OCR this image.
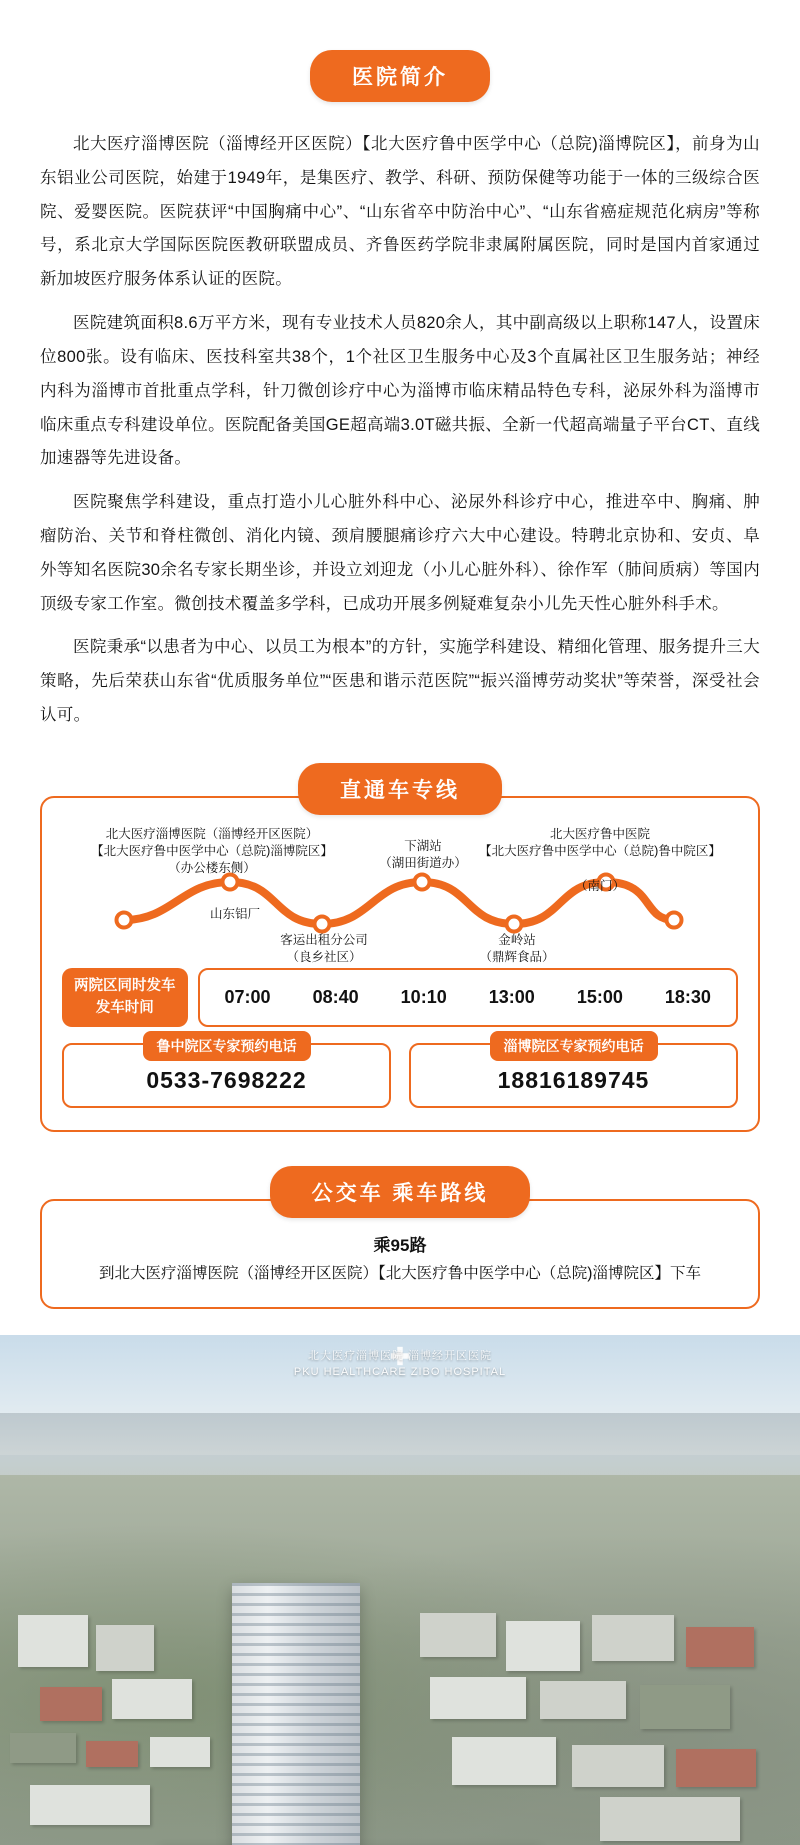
医院简介

北大医疗淄博医院（淄博经开区医院）【北大医疗鲁中医学中心（总院)淄博院区】，前身为山东铝业公司医院，始建于1949年，是集医疗、教学、科研、预防保健等功能于一体的三级综合医院、爱婴医院。医院获评“中国胸痛中心”、“山东省卒中防治中心”、“山东省癌症规范化病房”等称号，系北京大学国际医院医教研联盟成员、齐鲁医药学院非隶属附属医院，同时是国内首家通过新加坡医疗服务体系认证的医院。

医院建筑面积8.6万平方米，现有专业技术人员820余人，其中副高级以上职称147人，设置床位800张。设有临床、医技科室共38个，1个社区卫生服务中心及3个直属社区卫生服务站；神经内科为淄博市首批重点学科，针刀微创诊疗中心为淄博市临床精品特色专科，泌尿外科为淄博市临床重点专科建设单位。医院配备美国GE超高端3.0T磁共振、全新一代超高端量子平台CT、直线加速器等先进设备。

医院聚焦学科建设，重点打造小儿心脏外科中心、泌尿外科诊疗中心，推进卒中、胸痛、肿瘤防治、关节和脊柱微创、消化内镜、颈肩腰腿痛诊疗六大中心建设。特聘北京协和、安贞、阜外等知名医院30余名专家长期坐诊，并设立刘迎龙（小儿心脏外科）、徐作军（肺间质病）等国内顶级专家工作室。微创技术覆盖多学科，已成功开展多例疑难复杂小儿先天性心脏外科手术。

医院秉承“以患者为中心、以员工为根本”的方针，实施学科建设、精细化管理、服务提升三大策略，先后荣获山东省“优质服务单位”“医患和谐示范医院”“振兴淄博劳动奖状”等荣誉，深受社会认可。

直通车专线
北大医疗淄博医院（淄博经开区医院）
【北大医疗鲁中医学中心（总院)淄博院区】
（办公楼东侧）
山东铝厂
客运出租分公司
（良乡社区）
下湖站
（湖田街道办）
金岭站
（鼎辉食品）
北大医疗鲁中医院
【北大医疗鲁中医学中心（总院)鲁中院区】
（南门）
两院区同时发车
发车时间
07:00 08:40 10:10 13:00 15:00 18:30
鲁中院区专家预约电话
0533-7698222
淄博院区专家预约电话
18816189745
公交车 乘车路线
乘95路
到北大医疗淄博医院（淄博经开区医院）【北大医疗鲁中医学中心（总院)淄博院区】下车
北大医疗淄博医院 淄博经开区医院
PKU HEALTHCARE ZIBO HOSPITAL
